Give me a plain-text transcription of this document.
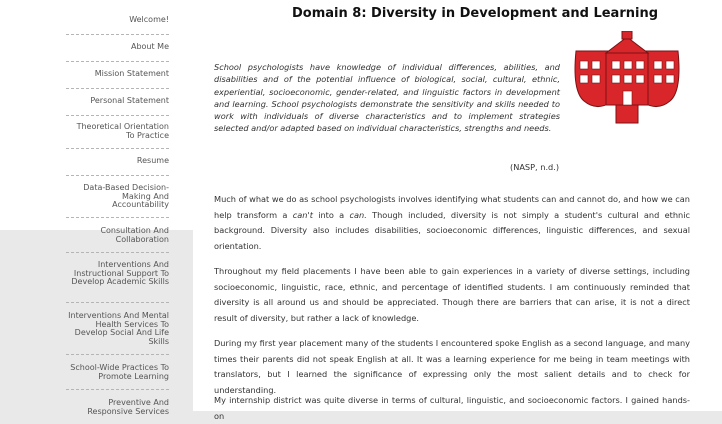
Welcome!
About Me
Mission Statement
Personal Statement
Theoretical Orientation To Practice
Resume
Data-Based Decision-Making And Accountability
Consultation And Collaboration
Interventions And Instructional Support To Develop Academic Skills
Interventions And Mental Health Services To Develop Social And Life Skills
School-Wide Practices To Promote Learning
Preventive And Responsive Services
Domain 8: Diversity in Development and Learning
School psychologists have knowledge of individual differences, abilities, and disabilities and of the potential influence of biological, social, cultural, ethnic, experiential, socioeconomic, gender-related, and linguistic factors in development and learning. School psychologists demonstrate the sensitivity and skills needed to work with individuals of diverse characteristics and to implement strategies selected and/or adapted based on individual characteristics, strengths and needs.
(NASP, n.d.)

Much of what we do as school psychologists involves identifying what students can and cannot do, and how we can help transform a can't into a can. Though included, diversity is not simply a student's cultural and ethnic background. Diversity also includes disabilities, socioeconomic differences, linguistic differences, and sexual orientation.

Throughout my field placements I have been able to gain experiences in a variety of diverse settings, including socioeconomic, linguistic, race, ethnic, and percentage of identified students. I am continuously reminded that diversity is all around us and should be appreciated. Though there are barriers that can arise, it is not a direct result of diversity, but rather a lack of knowledge.

During my first year placement many of the students I encountered spoke English as a second language, and many times their parents did not speak English at all. It was a learning experience for me being in team meetings with translators, but I learned the significance of expressing only the most salient details and to check for understanding.

My internship district was quite diverse in terms of cultural, linguistic, and socioeconomic factors. I gained hands-on
